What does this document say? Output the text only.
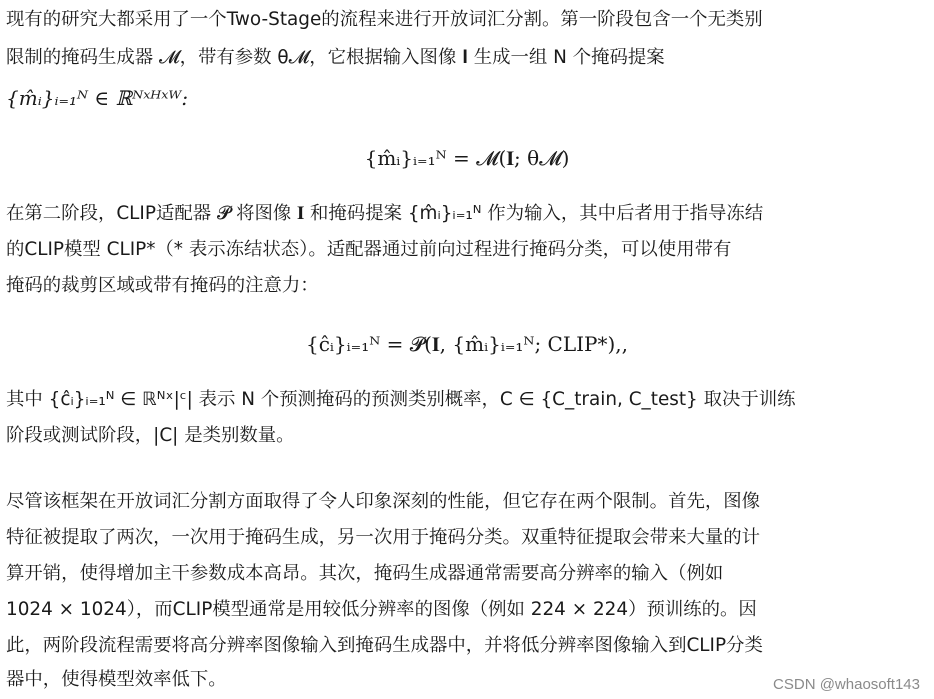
现有的研究大都采用了一个Two-Stage的流程来进行开放词汇分割。第一阶段包含一个无类别
限制的掩码生成器 𝓜，带有参数 θ𝓜，它根据输入图像 𝐈 生成一组 N 个掩码提案
{m̂ᵢ}ᵢ₌₁ᴺ ∈ ℝᴺˣᴴˣᵂ:
{m̂ᵢ}ᵢ₌₁ᴺ = 𝓜(𝐈; θ𝓜)
在第二阶段，CLIP适配器 𝓟 将图像 𝐈 和掩码提案 {m̂ᵢ}ᵢ₌₁ᴺ 作为输入，其中后者用于指导冻结
的CLIP模型 CLIP*（* 表示冻结状态）。适配器通过前向过程进行掩码分类，可以使用带有
掩码的裁剪区域或带有掩码的注意力：
{ĉᵢ}ᵢ₌₁ᴺ = 𝓟(𝐈, {m̂ᵢ}ᵢ₌₁ᴺ; CLIP*),,
其中 {ĉᵢ}ᵢ₌₁ᴺ ∈ ℝᴺˣ|ᶜ| 表示 N 个预测掩码的预测类别概率，C ∈ {C_train, C_test} 取决于训练
阶段或测试阶段，|C| 是类别数量。
尽管该框架在开放词汇分割方面取得了令人印象深刻的性能，但它存在两个限制。首先，图像
特征被提取了两次，一次用于掩码生成，另一次用于掩码分类。双重特征提取会带来大量的计
算开销，使得增加主干参数成本高昂。其次，掩码生成器通常需要高分辨率的输入（例如
1024 × 1024），而CLIP模型通常是用较低分辨率的图像（例如 224 × 224）预训练的。因
此，两阶段流程需要将高分辨率图像输入到掩码生成器中，并将低分辨率图像输入到CLIP分类
器中，使得模型效率低下。	CSDN @whaosoft143
